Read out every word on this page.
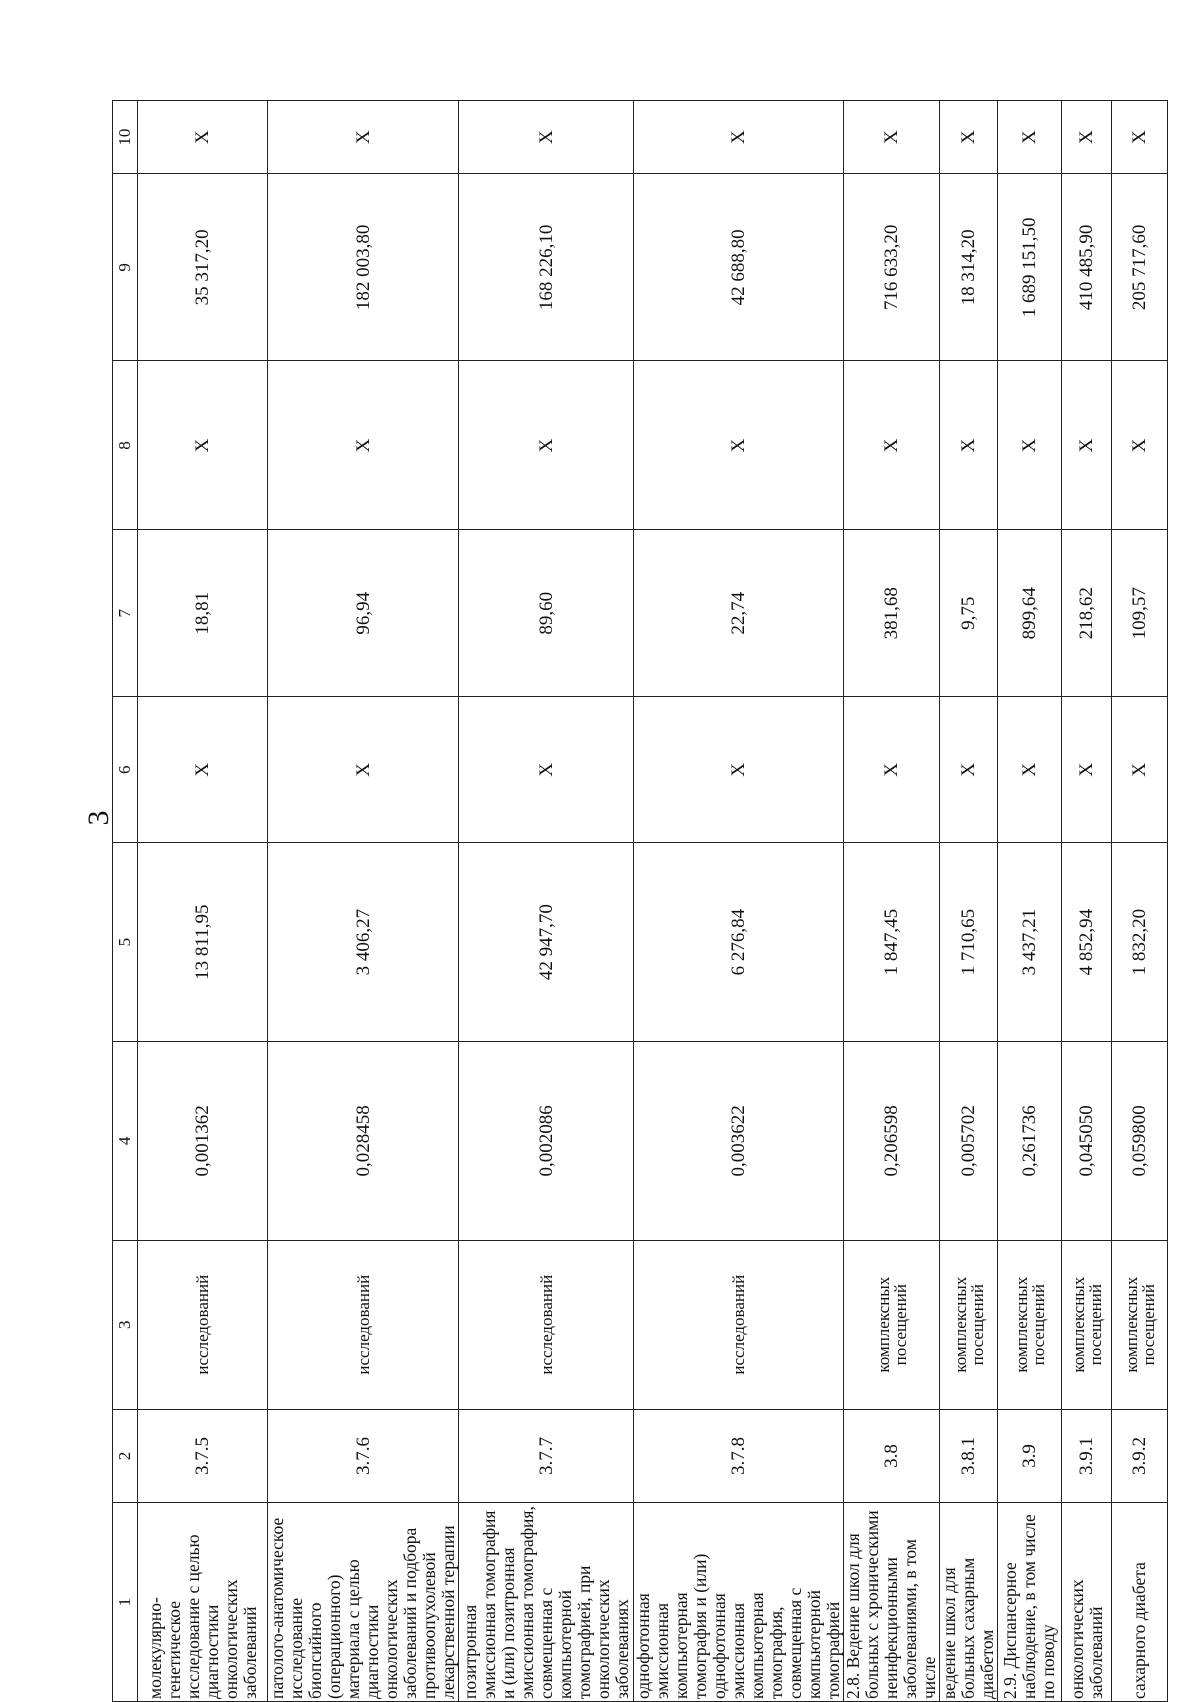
3
1	2	3	4	5	6	7	8	9	10
молекулярно-генетическое исследование с целью диагностики онкологических заболеваний	3.7.5	исследований	0,001362	13 811,95	X	18,81	X	35 317,20	X
патолого-анатомическое исследование биопсийного (операционного) материала с целью диагностики онкологических заболеваний и подбора противоопухолевой лекарственной терапии	3.7.6	исследований	0,028458	3 406,27	X	96,94	X	182 003,80	X
позитронная эмиссионная томография и (или) позитронная эмиссионная томография, совмещенная с компьютерной томографией, при онкологических заболеваниях	3.7.7	исследований	0,002086	42 947,70	X	89,60	X	168 226,10	X
однофотонная эмиссионная компьютерная томография и (или) однофотонная эмиссионная компьютерная томография, совмещенная с компьютерной томографией	3.7.8	исследований	0,003622	6 276,84	X	22,74	X	42 688,80	X
2.8. Ведение школ для больных с хроническими неинфекционными заболеваниями, в том числе	3.8	комплексных посещений	0,206598	1 847,45	X	381,68	X	716 633,20	X
ведение школ для больных сахарным диабетом	3.8.1	комплексных посещений	0,005702	1 710,65	X	9,75	X	18 314,20	X
2.9. Диспансерное наблюдение, в том числе по поводу	3.9	комплексных посещений	0,261736	3 437,21	X	899,64	X	1 689 151,50	X
онкологических заболеваний	3.9.1	комплексных посещений	0,045050	4 852,94	X	218,62	X	410 485,90	X
сахарного диабета	3.9.2	комплексных посещений	0,059800	1 832,20	X	109,57	X	205 717,60	X
